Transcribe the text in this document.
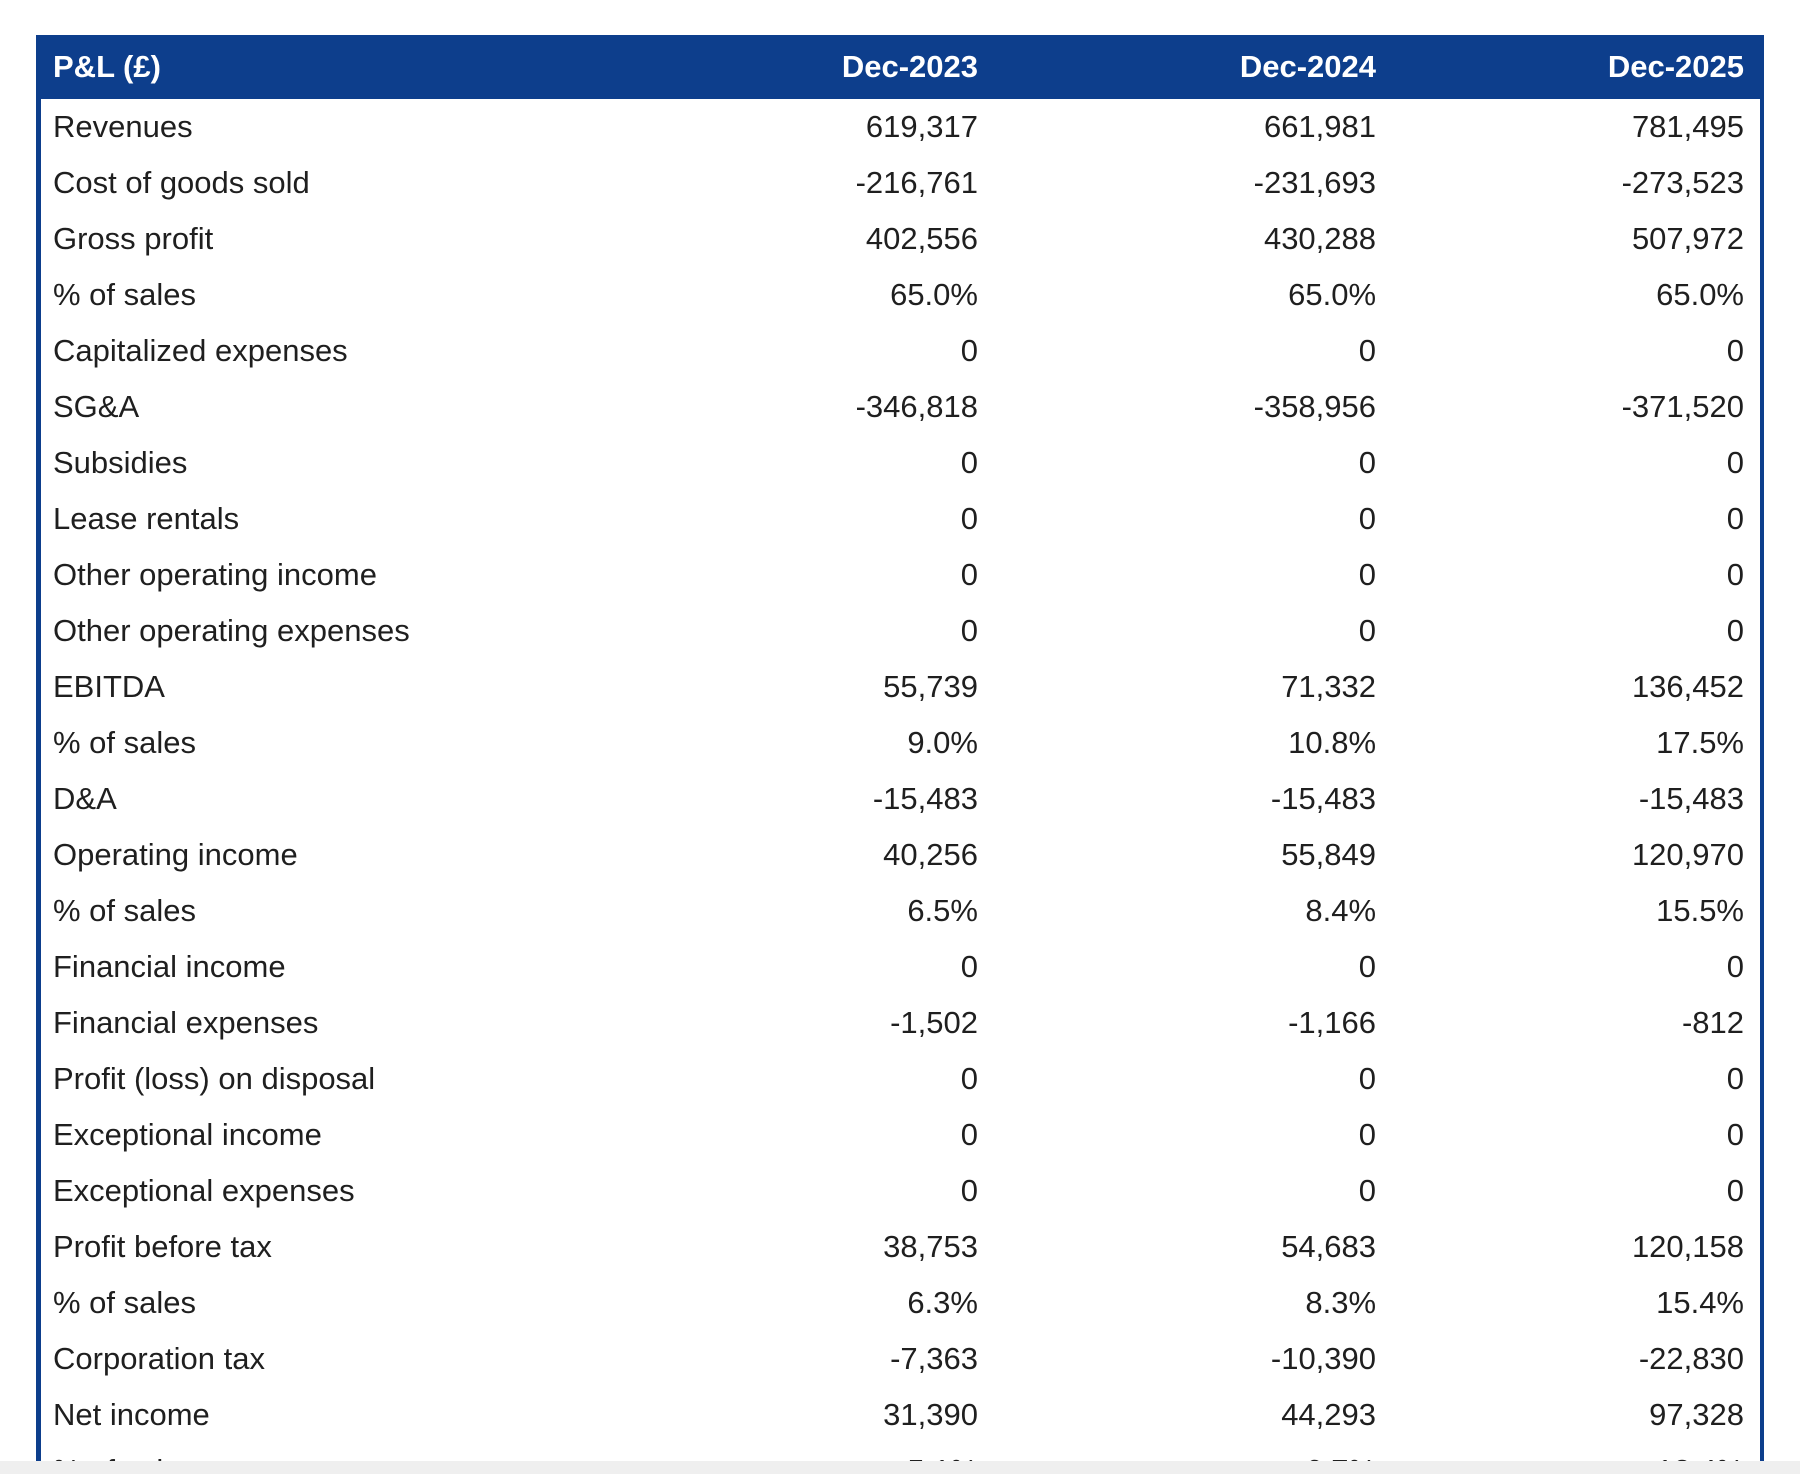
P&L (£)	Dec-2023	Dec-2024	Dec-2025
Revenues	619,317	661,981	781,495
Cost of goods sold	-216,761	-231,693	-273,523
Gross profit	402,556	430,288	507,972
% of sales	65.0%	65.0%	65.0%
Capitalized expenses	0	0	0
SG&A	-346,818	-358,956	-371,520
Subsidies	0	0	0
Lease rentals	0	0	0
Other operating income	0	0	0
Other operating expenses	0	0	0
EBITDA	55,739	71,332	136,452
% of sales	9.0%	10.8%	17.5%
D&A	-15,483	-15,483	-15,483
Operating income	40,256	55,849	120,970
% of sales	6.5%	8.4%	15.5%
Financial income	0	0	0
Financial expenses	-1,502	-1,166	-812
Profit (loss) on disposal	0	0	0
Exceptional income	0	0	0
Exceptional expenses	0	0	0
Profit before tax	38,753	54,683	120,158
% of sales	6.3%	8.3%	15.4%
Corporation tax	-7,363	-10,390	-22,830
Net income	31,390	44,293	97,328
